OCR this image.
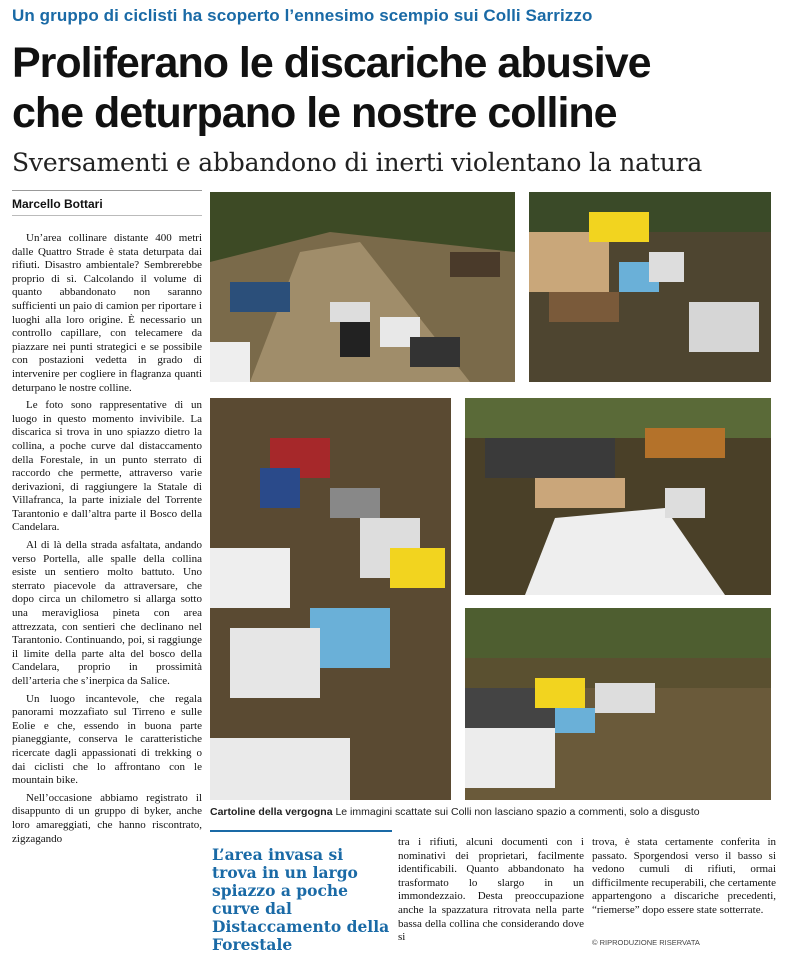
Un gruppo di ciclisti ha scoperto l’ennesimo scempio sui Colli Sarrizzo
Proliferano le discariche abusive
che deturpano le nostre colline
Sversamenti e abbandono di inerti violentano la natura
Marcello Bottari

Un’area collinare distante 400 metri dalle Quattro Strade è stata deturpata dai rifiuti. Disastro ambientale? Sembrerebbe proprio di sì. Calcolando il volume di quanto abbandonato non saranno sufficienti un paio di camion per riportare i luoghi alla loro origine. È necessario un controllo capillare, con telecamere da piazzare nei punti strategici e se possibile con postazioni vedetta in grado di intervenire per cogliere in flagranza quanti deturpano le nostre colline.

Le foto sono rappresentative di un luogo in questo momento invivibile. La discarica si trova in uno spiazzo dietro la collina, a poche curve dal distaccamento della Forestale, in un punto sterrato di raccordo che permette, attraverso varie derivazioni, di raggiungere la Statale di Villafranca, la parte iniziale del Torrente Tarantonio e dall’altra parte il Bosco della Candelara.

Al di là della strada asfaltata, andando verso Portella, alle spalle della collina esiste un sentiero molto battuto. Uno sterrato piacevole da attraversare, che dopo circa un chilometro si allarga sotto una meravigliosa pineta con area attrezzata, con sentieri che declinano nel Tarantonio. Continuando, poi, si raggiunge il limite della parte alta del bosco della Candelara, proprio in prossimità dell’arteria che s’inerpica da Salice.

Un luogo incantevole, che regala panorami mozzafiato sul Tirreno e sulle Eolie e che, essendo in buona parte pianeggiante, conserva le caratteristiche ricercate dagli appassionati di trekking o dai ciclisti che lo affrontano con le mountain bike.

Nell’occasione abbiamo registrato il disappunto di un gruppo di byker, anche loro amareggiati, che hanno riscontrato, zigzagando

Cartoline della vergogna Le immagini scattate sui Colli non lasciano spazio a commenti, solo a disgusto
L’area invasa si trova in un largo spiazzo a poche curve dal Distaccamento della Forestale

tra i rifiuti, alcuni documenti con i nominativi dei proprietari, facilmente identificabili. Quanto abbandonato ha trasformato lo slargo in un immondezzaio. Desta preoccupazione anche la spazzatura ritrovata nella parte bassa della collina che considerando dove si

trova, è stata certamente conferita in passato. Sporgendosi verso il basso si vedono cumuli di rifiuti, ormai difficilmente recuperabili, che certamente appartengono a discariche precedenti, “riemerse” dopo essere state sotterrate.

© RIPRODUZIONE RISERVATA
